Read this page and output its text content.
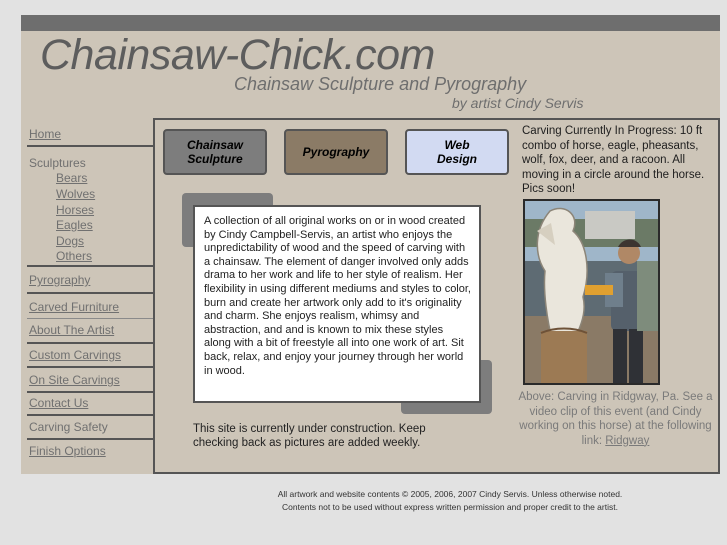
Chainsaw-Chick.com
Chainsaw Sculpture and Pyrography
by artist Cindy Servis
Home
Sculptures
Bears
Wolves
Horses
Eagles
Dogs
Others
Pyrography
Carved Furniture
About The Artist
Custom Carvings
On Site Carvings
Contact Us
Carving Safety
Finish Options
Chainsaw Sculpture	Pyrography	Web Design

A collection of all original works on or in wood created by Cindy Campbell-Servis, an artist who enjoys the unpredictability of wood and the speed of carving with a chainsaw. The element of danger involved only adds drama to her work and life to her style of realism. Her flexibility in using different mediums and styles to color, burn and create her artwork only add to it's originality and charm. She enjoys realism, whimsy and abstraction, and and is known to mix these styles along with a bit of freestyle all into one work of art. Sit back, relax, and enjoy your journey through her world in wood.

This site is currently under construction. Keep checking back as pictures are added weekly.
Carving Currently In Progress: 10 ft combo of horse, eagle, pheasants, wolf, fox, deer, and a racoon. All moving in a circle around the horse. Pics soon!
Above: Carving in Ridgway, Pa. See a video clip of this event (and Cindy working on this horse) at the following link: Ridgway
All artwork and website contents © 2005, 2006, 2007 Cindy Servis. Unless otherwise noted.
Contents not to be used without express written permission and proper credit to the artist.
